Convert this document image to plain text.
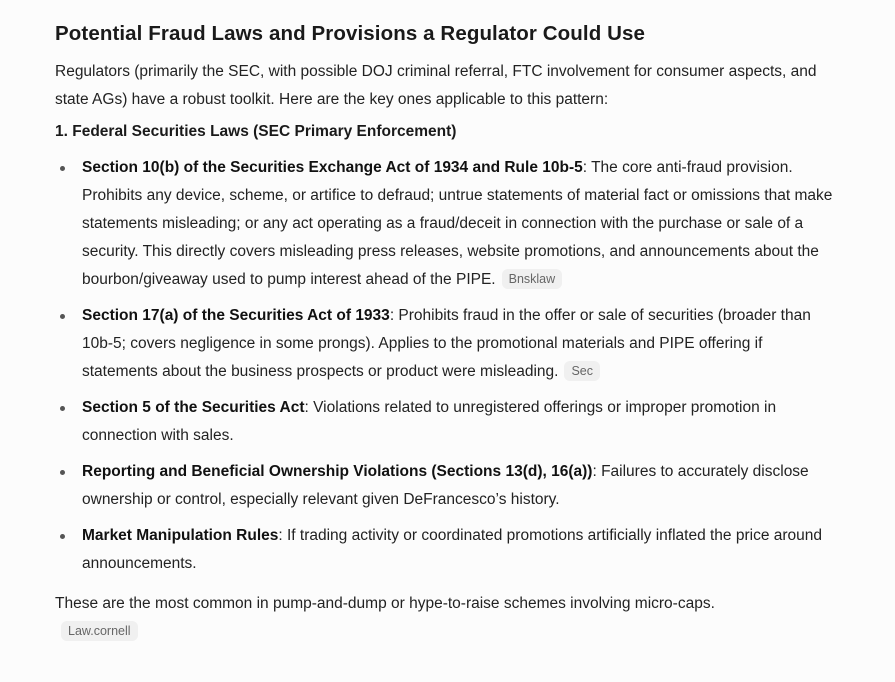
Potential Fraud Laws and Provisions a Regulator Could Use

Regulators (primarily the SEC, with possible DOJ criminal referral, FTC involvement for consumer aspects, and state AGs) have a robust toolkit. Here are the key ones applicable to this pattern:

1. Federal Securities Laws (SEC Primary Enforcement)
Section 10(b) of the Securities Exchange Act of 1934 and Rule 10b-5: The core anti-fraud provision. Prohibits any device, scheme, or artifice to defraud; untrue statements of material fact or omissions that make statements misleading; or any act operating as a fraud/deceit in connection with the purchase or sale of a security. This directly covers misleading press releases, website promotions, and announcements about the bourbon/giveaway used to pump interest ahead of the PIPE. Bnsklaw
Section 17(a) of the Securities Act of 1933: Prohibits fraud in the offer or sale of securities (broader than 10b-5; covers negligence in some prongs). Applies to the promotional materials and PIPE offering if statements about the business prospects or product were misleading. Sec
Section 5 of the Securities Act: Violations related to unregistered offerings or improper promotion in connection with sales.
Reporting and Beneficial Ownership Violations (Sections 13(d), 16(a)): Failures to accurately disclose ownership or control, especially relevant given DeFrancesco’s history.
Market Manipulation Rules: If trading activity or coordinated promotions artificially inflated the price around announcements.

These are the most common in pump-and-dump or hype-to-raise schemes involving micro-caps.Law.cornell
